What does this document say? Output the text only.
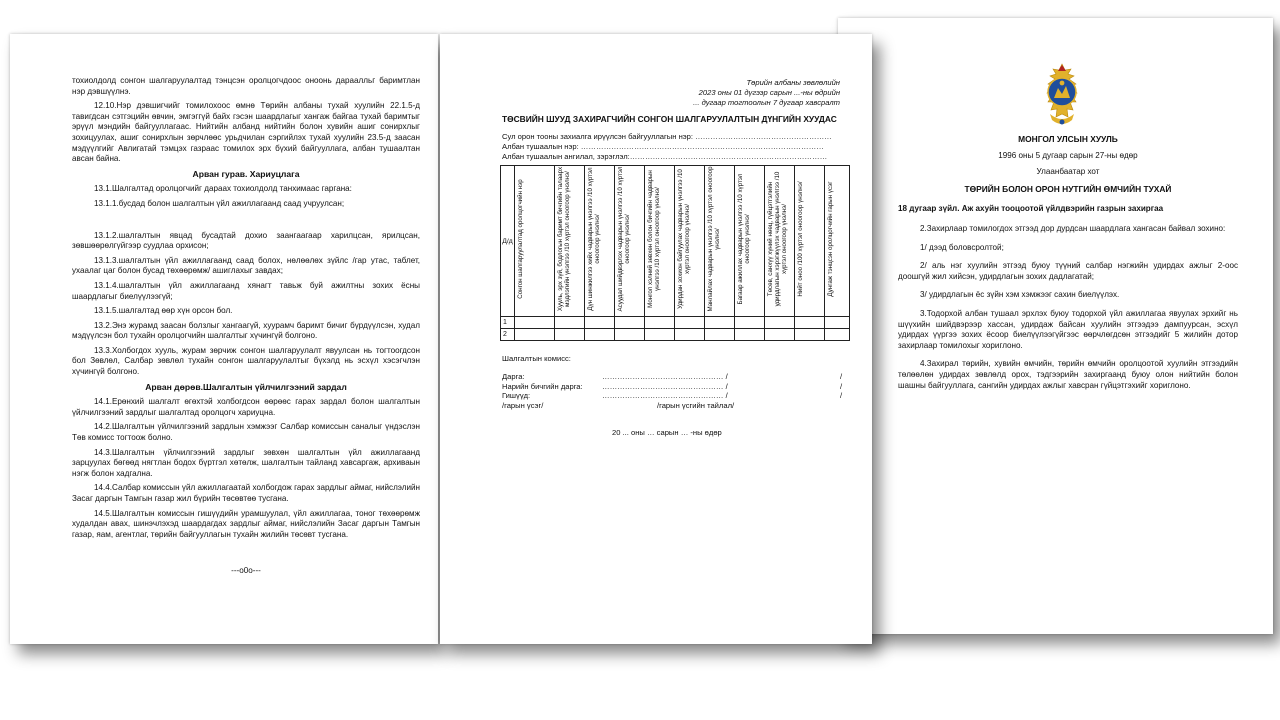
тохиолдолд сонгон шалгаруулалтад тэнцсэн оролцогчдоос оноонь дараалльг баримтлан нэр дэвшүүлнэ.

12.10.Нэр дэвшигчийг томилохоос өмнө Төрийн албаны тухай хуулийн 22.1.5-д тавигдсан сэтгэцийн өвчин, эмгэггүй байх гэсэн шаардлагыг хангаж байгаа тухай баримтыг эрүүл мэндийн байгууллагаас. Нийтийн албанд нийтийн болон хувийн ашиг сонирхлыг зохицуулах, ашиг сонирхлын зөрчлөөс урьдчилан сэргийлэх тухай хуулийн 23.5-д заасан мэдүүлгийг Авлигатай тэмцэх газраас томилох эрх бүхий байгууллага, албан тушаалтан авсан байна.

Арван гурав. Хариуцлага

13.1.Шалгалтад оролцогчийг дараах тохиолдолд танхимаас гаргана:

13.1.1.бусдад болон шалгалтын үйл ажиллагаанд саад учруулсан;

13.1.2.шалгалтын явцад бусадтай дохио заангаагаар харилцсан, ярилцсан, зөвшөөрөлгүйгээр суудлаа орхисон;

13.1.3.шалгалтын үйл ажиллагаанд саад болох, нөлөөлөх зүйлс /гар утас, таблет, ухаалаг цаг болон бусад төхөөрөмж/ ашиглахыг завдах;

13.1.4.шалгалтын үйл ажиллагаанд хянагт тавьж буй ажилтны зохих ёсны шаардлагыг биелүүлээгүй;

13.1.5.шалгалтад өөр хүн орсон бол.

13.2.Энэ журамд заасан болзлыг хангаагүй, хуурамч баримт бичиг бүрдүүлсэн, худал мэдүүлсэн бол тухайн оролцогчийн шалгалтыг хүчингүй болгоно.

13.3.Холбогдох хууль, журам зөрчиж сонгон шалгаруулалт явуулсан нь тогтоогдсон бол Зөвлөл, Салбар зөвлөл тухайн сонгон шалгаруулалтыг бүхэлд нь эсхүл хэсэгчлэн хүчингүй болгоно.

Арван дөрөв.Шалгалтын үйлчилгээний зардал

14.1.Ерөнхий шалгалт өгөхтэй холбогдсон өөрөөс гарах зардал болон шалгалтын үйлчилгээний зардлыг шалгалтад оролцогч хариуцна.

14.2.Шалгалтын үйлчилгээний зардлын хэмжээг Салбар комиссын саналыг үндэслэн Төв комисс тогтоож болно.

14.3.Шалгалтын үйлчилгээний зардлыг зөвхөн шалгалтын үйл ажиллагаанд зарцуулах бөгөөд нягтлан бодох бүртгэл хөтөлж, шалгалтын тайланд хавсаргаж, архиваын нэгж болон хадгална.

14.4.Салбар комиссын үйл ажиллагаатай холбогдож гарах зардлыг аймаг, нийслэлийн Засаг даргын Тамгын газар жил бүрийн төсөвтөө тусгана.

14.5.Шалгалтын комиссын гишүүдийн урамшуулал, үйл ажиллагаа, тоног төхөөрөмж худалдан авах, шинэчлэхэд шаардагдах зардлыг аймаг, нийслэлийн Засаг даргын Тамгын газар, яам, агентлаг, төрийн байгууллагын тухайн жилийн төсөвт тусгана.

---o0o---
Төрийн албаны зөвлөлийн
2023 оны 01 дүгээр сарын ...-ны өдрийн
... дугаар тогтоолын 7 дугаар хавсралт
ТӨСВИЙН ШУУД ЗАХИРАГЧИЙН СОНГОН ШАЛГАРУУЛАЛТЫН ДҮНГИЙН ХУУДАС
Сул орон тооны захиалга ирүүлсэн байгууллагын нэр: ………………………………………………
Албан тушаалын нэр: ……………………………………………………………………………………
Албан тушаалын ангилал, зэрэглэл:……………………………………………………………………
Д/д	Сонгон шалгаруулалтад оролцогчийн нэр	Хууль, эрх зүй, бодлогын баримт бичгийн талаарх мэдлэгийн үнэлгээ /10 хүртэл оноогоор үнэлнэ/	Дүн шинжилгээ хийх чадварын үнэлгээ /10 хүртэл оноогоор үнэлнэ/	Асуудал шийдвэрлэх чадварын үнэлгээ /10 хүртэл оноогоор үнэлнэ/	Монгол хэлний зөвхөн болон бичгийн чадварын үнэлгээ /10 хүртэл оноогоор үнэлнэ/	Удирдан зохион байгуулах чадварын үнэлгээ /10 хүртэл оноогоор үнэлнэ/	Манлайлах чадварын үнэлгээ /10 хүртэл оноогоор үнэлнэ/	Багаар ажиллах чадварын үнэлгээ /10 хүртэл оноогоор үнэлнэ/	Төсөв, санхүү хүний нөөц, гүйцэтгэлийн удирдлагын хэрэгжүүлэх чадварын үнэлгээ /10 хүртэл оноогоор үнэлнэ/	Нийт оноо /100 хүртэл оноогоор үнэлнэ/	Дунгаж тэнцсэн оролцогчийн гарын үсэг

1											
2											
Шалгалтын комисс:
Дарга:	………………………………………… /	/
Нарийн бичгийн дарга:	………………………………………… /	/
Гишүүд:	………………………………………… /	/
/гарын үсэг/	/гарын үсгийн тайлал/
20 ... оны … сарын … -ны өдөр
МОНГОЛ УЛСЫН ХУУЛЬ
1996 оны 5 дугаар сарын 27-ны өдөр
Улаанбаатар хот
ТӨРИЙН БОЛОН ОРОН НУТГИЙН ӨМЧИЙН ТУХАЙ
18 дугаар зүйл. Аж ахуйн тооцоотой үйлдвэрийн газрын захиргаа

2.Захирлаар томилогдох этгээд дор дурдсан шаардлага хангасан байвал зохино:

1/ дээд боловсролтой;

2/ аль нэг хуулийн этгээд буюу түүний салбар нэгжийн удирдах ажлыг 2-оос доошгүй жил хийсэн, удирдлагын зохих дадлагатай;

3/ удирдлагын ёс зүйн хэм хэмжээг сахин биелүүлэх.

3.Тодорхой албан тушаал эрхлэх буюу тодорхой үйл ажиллагаа явуулах эрхийг нь шүүхийн шийдвэрээр хассан, удирдаж байсан хуулийн этгээдээ дампуурсан, эсхүл удирдах үүргээ зохих ёсоор биелүүлээгүйгээс өөрчлөгдсөн этгээдийг 5 жилийн дотор захирлаар томилохыг хориглоно.

4.Захирал төрийн, хувийн өмчийн, төрийн өмчийн оролцоотой хуулийн этгээдийн төлөөлөн удирдах зөвлөлд орох, тэдгээрийн захиргаанд буюу олон нийтийн болон шашны байгууллага, сангийн удирдах ажлыг хавсран гүйцэтгэхийг хориглоно.
